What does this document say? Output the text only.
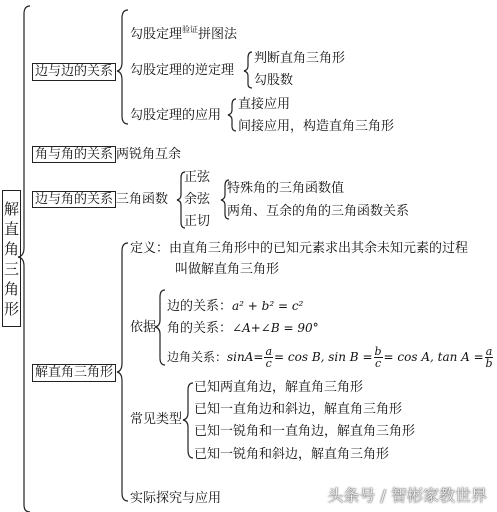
解
直
角
三
角
形
边与边的关系
勾股定理$^{验证}$拼图法
勾股定理的逆定理
判断直角三角形
勾股数
勾股定理的应用
直接应用
间接应用，构造直角三角形
角与角的关系 两锐角互余
边与角的关系 三角函数
正弦
余弦
正切
特殊角的三角函数值
两角、互余的角的三角函数关系
解直角三角形
定义：由直角三角形中的已知元素求出其余未知元素的过程
叫做解直角三角形
依据
边的关系：a² + b² = c²
角的关系：∠A+∠B = 90°
边角关系：$\sin A= \frac{a}{c} = \cos B$, $\sin B = \frac{b}{c} = \cos A$, $\tan A = \frac{a}{b}$
常见类型
已知两直角边，解直角三角形
已知一直角边和斜边，解直角三角形
已知一锐角和一直角边，解直角三角形
已知一锐角和斜边，解直角三角形
实际探究与应用	头条号 / 智彬家教世界
